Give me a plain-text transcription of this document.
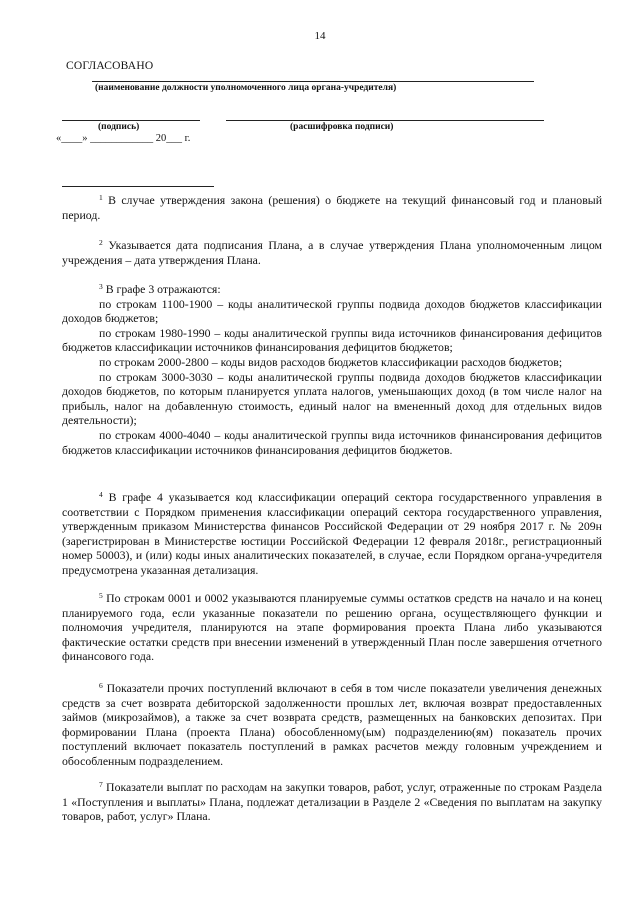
14
СОГЛАСОВАНО
(наименование должности уполномоченного лица органа-учредителя)
(подпись)	(расшифровка подписи)
«____» ____________ 20___ г.

$^1$ В случае утверждения закона (решения) о бюджете на текущий финансовый год и плановый период.

$^2$ Указывается дата подписания Плана, а в случае утверждения Плана уполномоченным лицом учреждения – дата утверждения Плана.

$^3$ В графе 3 отражаются:

по строкам 1100-1900 – коды аналитической группы подвида доходов бюджетов классификации доходов бюджетов;

по строкам 1980-1990 – коды аналитической группы вида источников финансирования дефицитов бюджетов классификации источников финансирования дефицитов бюджетов;

по строкам 2000-2800 – коды видов расходов бюджетов классификации расходов бюджетов;

по строкам 3000-3030 – коды аналитической группы подвида доходов бюджетов классификации доходов бюджетов, по которым планируется уплата налогов, уменьшающих доход (в том числе налог на прибыль, налог на добавленную стоимость, единый налог на вмененный доход для отдельных видов деятельности);

по строкам 4000-4040 – коды аналитической группы вида источников финансирования дефицитов бюджетов классификации источников финансирования дефицитов бюджетов.

$^4$ В графе 4 указывается код классификации операций сектора государственного управления в соответствии с Порядком применения классификации операций сектора государственного управления, утвержденным приказом Министерства финансов Российской Федерации от 29 ноября 2017 г. № 209н (зарегистрирован в Министерстве юстиции Российской Федерации 12 февраля 2018г., регистрационный номер 50003), и (или) коды иных аналитических показателей, в случае, если Порядком органа-учредителя предусмотрена указанная детализация.

$^5$ По строкам 0001 и 0002 указываются планируемые суммы остатков средств на начало и на конец планируемого года, если указанные показатели по решению органа, осуществляющего функции и полномочия учредителя, планируются на этапе формирования проекта Плана либо указываются фактические остатки средств при внесении изменений в утвержденный План после завершения отчетного финансового года.

$^6$ Показатели прочих поступлений включают в себя в том числе показатели увеличения денежных средств за счет возврата дебиторской задолженности прошлых лет, включая возврат предоставленных займов (микрозаймов), а также за счет возврата средств, размещенных на банковских депозитах. При формировании Плана (проекта Плана) обособленному(ым) подразделению(ям) показатель прочих поступлений включает показатель поступлений в рамках расчетов между головным учреждением и обособленным подразделением.

$^7$ Показатели выплат по расходам на закупки товаров, работ, услуг, отраженные по строкам Раздела 1 «Поступления и выплаты» Плана, подлежат детализации в Разделе 2 «Сведения по выплатам на закупку товаров, работ, услуг» Плана.
